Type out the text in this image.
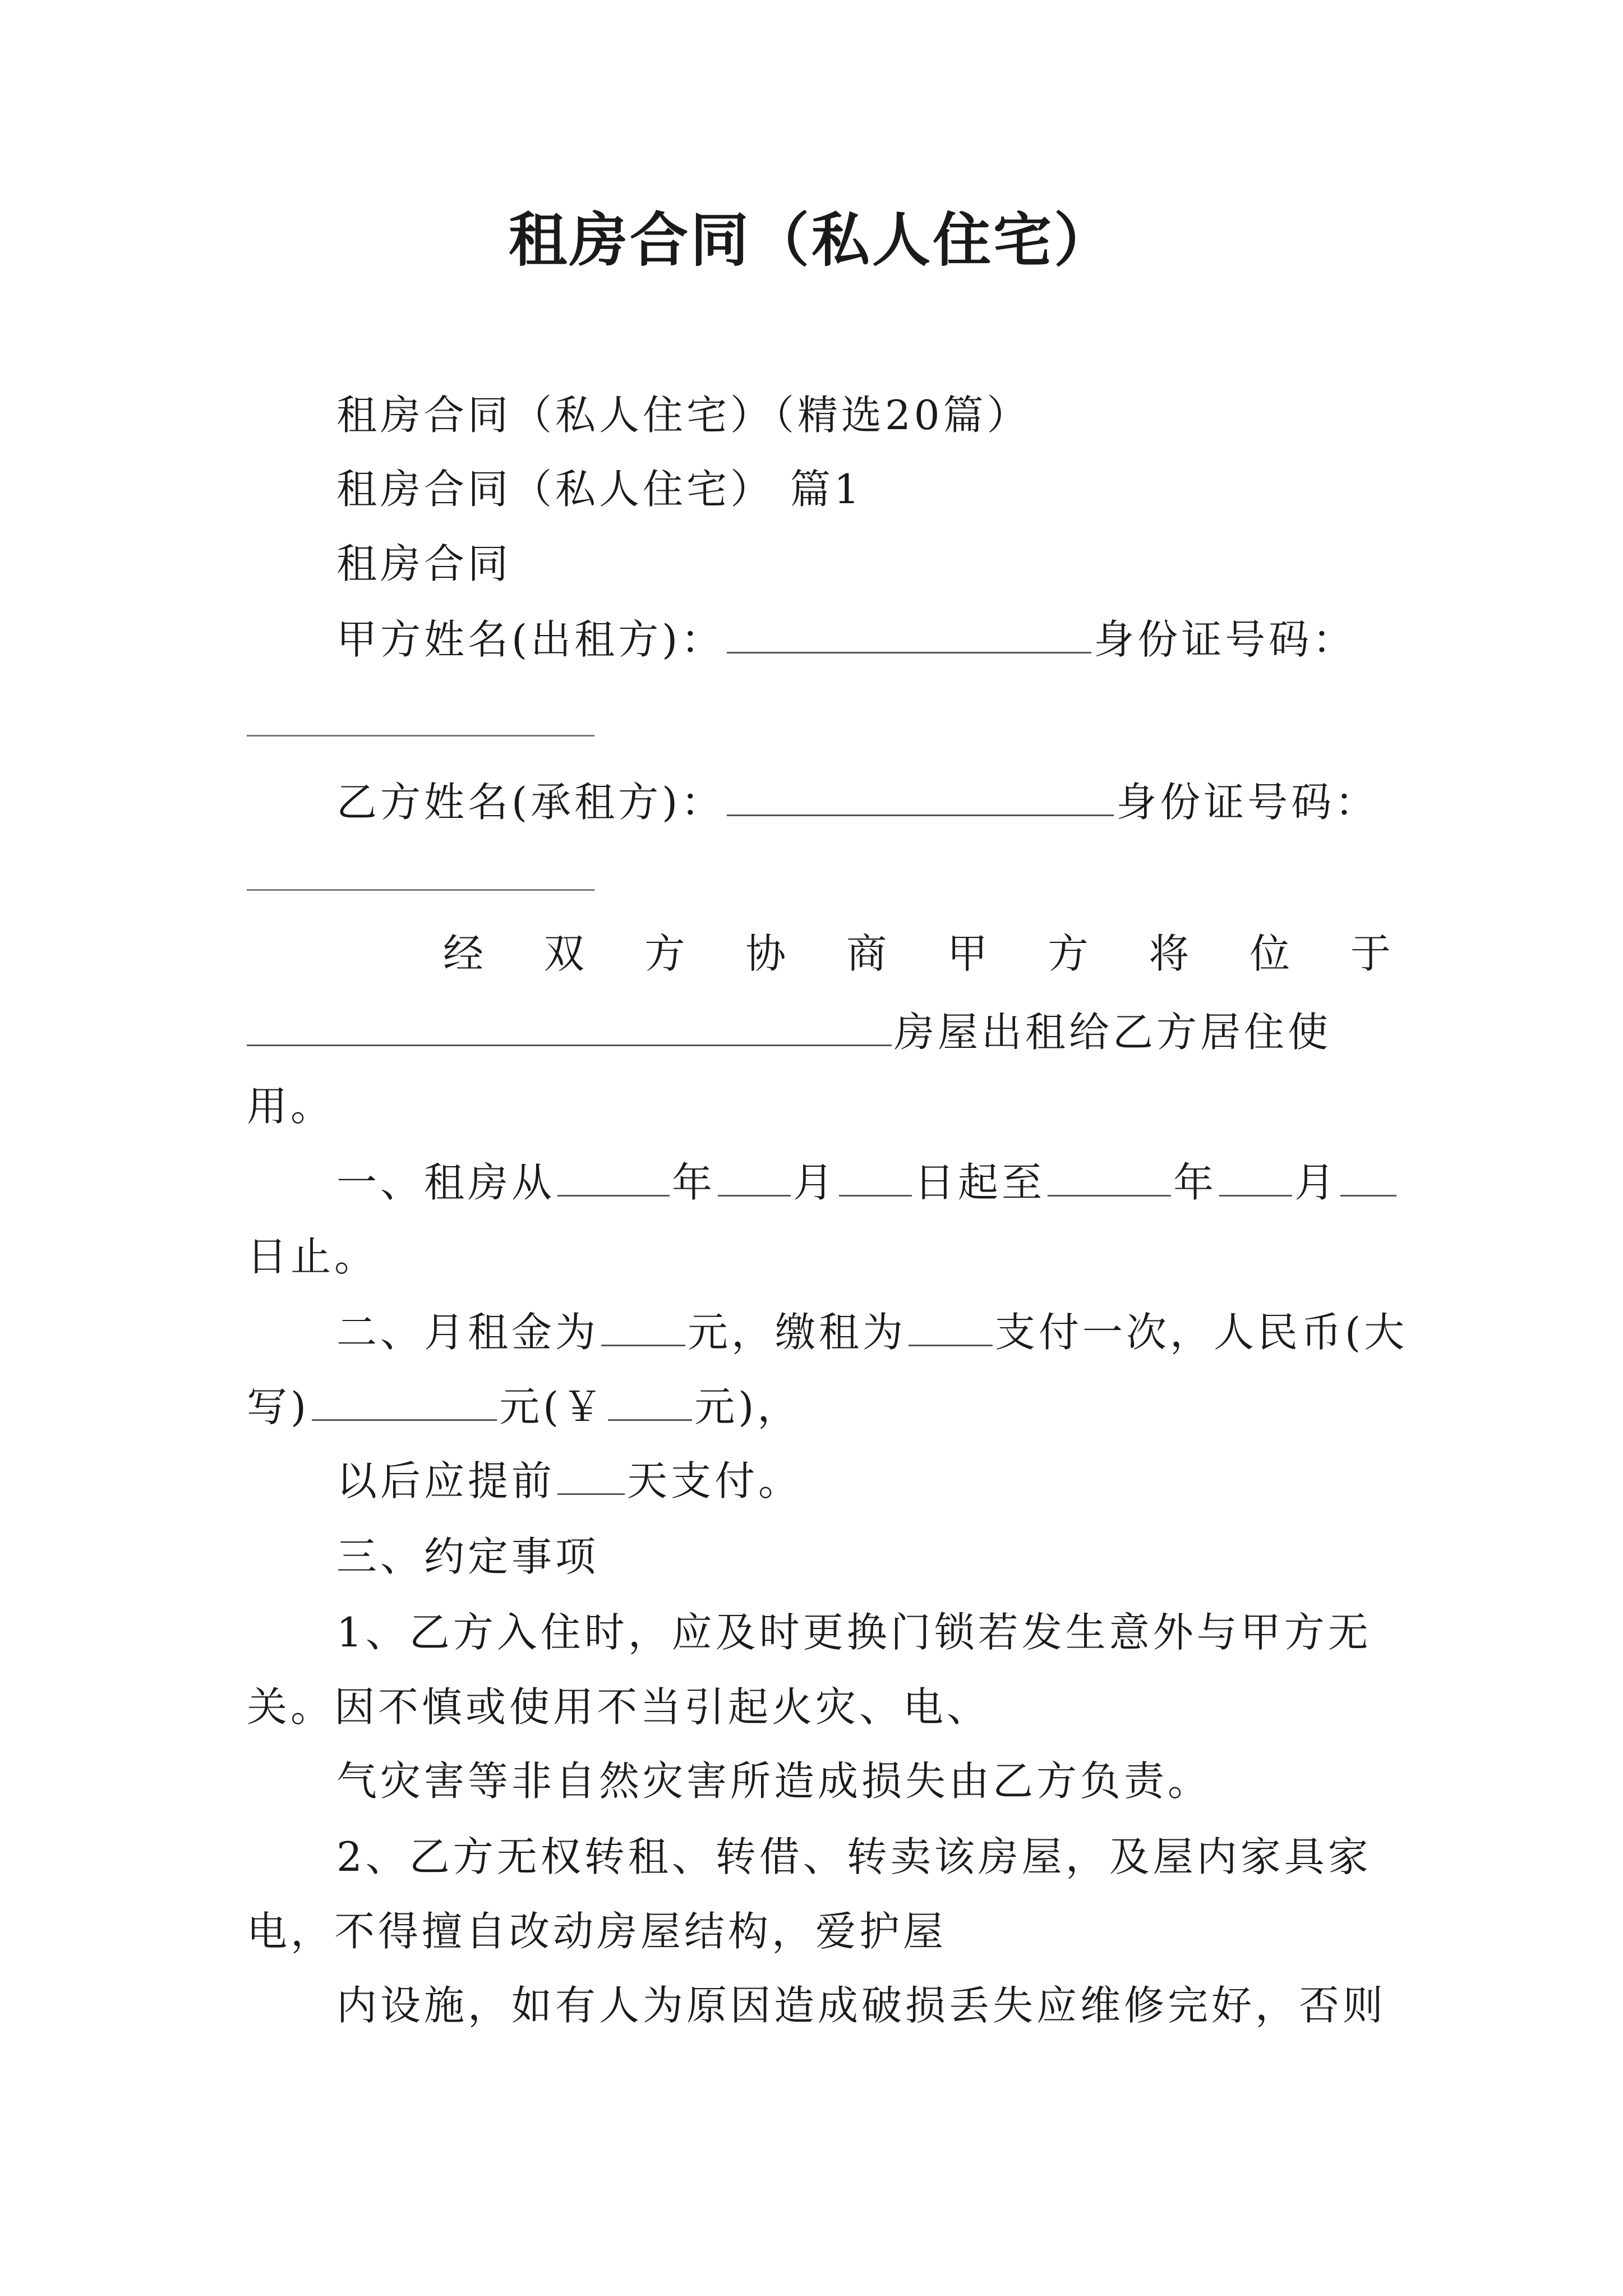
租房合同（私人住宅）
租房合同（私人住宅）（精选20篇）
租房合同（私人住宅） 篇1
租房合同
甲方姓名(出租方)：	身份证号码：
乙方姓名(承租方)：	身份证号码：
经 双 方 协 商 甲 方 将 位 于
房屋出租给乙方居住使
用。
一、租房从	年 月 日起至	年 月
日止。
二、月租金为 元，缴租为 支付一次，人民币(大
写)	元(￥ 元)，
以后应提前 天支付。
三、约定事项
1、乙方入住时，应及时更换门锁若发生意外与甲方无
关。因不慎或使用不当引起火灾、电、
气灾害等非自然灾害所造成损失由乙方负责。
2、乙方无权转租、转借、转卖该房屋，及屋内家具家
电，不得擅自改动房屋结构，爱护屋
内设施，如有人为原因造成破损丢失应维修完好，否则
